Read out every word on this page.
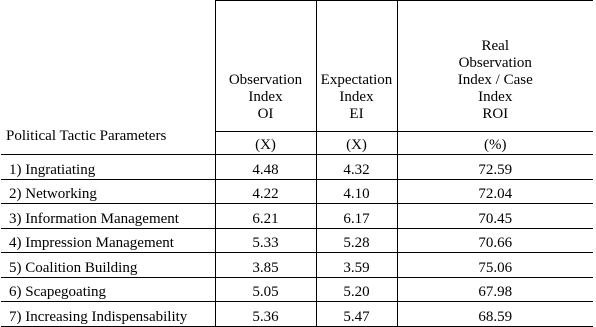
Political Tactic Parameters	Observation
Index
OI	Expectation
Index
EI	Real
Observation
Index / Case
Index
ROI

	(X)	(X)	(%)
1) Ingratiating	4.48	4.32	72.59
2) Networking	4.22	4.10	72.04
3) Information Management	6.21	6.17	70.45
4) Impression Management	5.33	5.28	70.66
5) Coalition Building	3.85	3.59	75.06
6) Scapegoating	5.05	5.20	67.98
7) Increasing Indispensability	5.36	5.47	68.59
